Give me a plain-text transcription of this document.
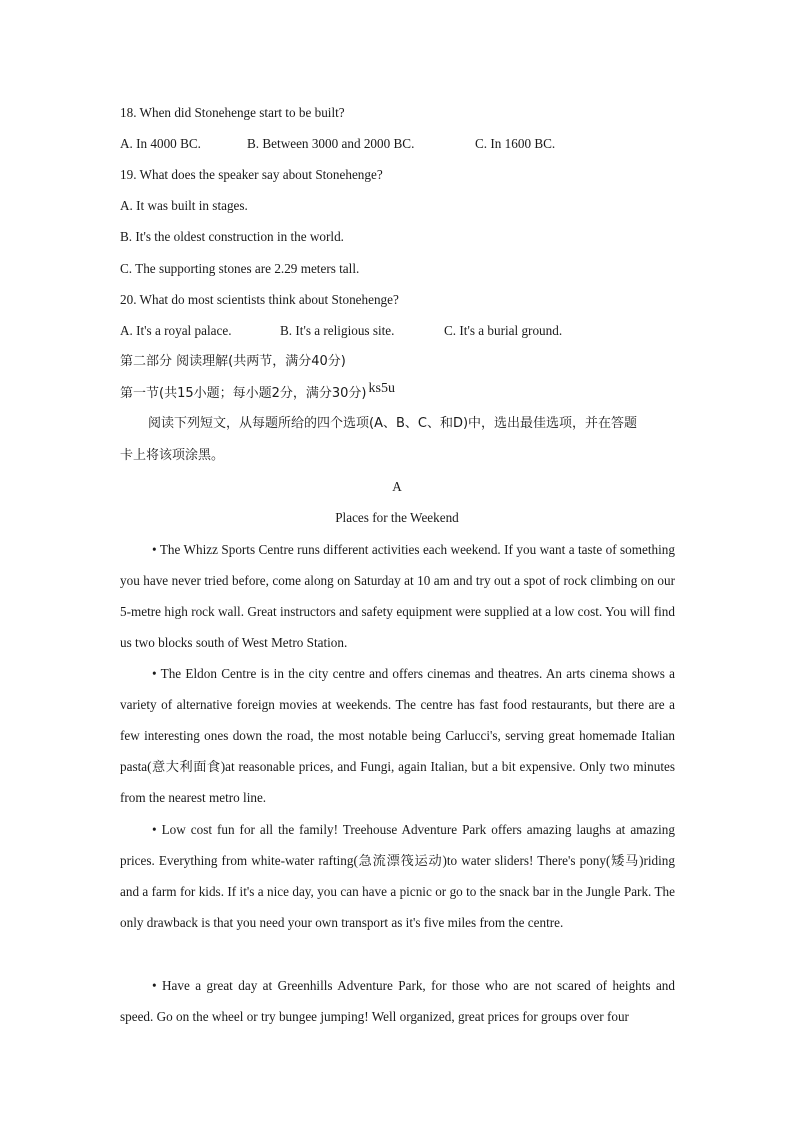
18. When did Stonehenge start to be built?
A. In 4000 BC.	B. Between 3000 and 2000 BC.	C. In 1600 BC.
19. What does the speaker say about Stonehenge?
A. It was built in stages.
B. It's the oldest construction in the world.
C. The supporting stones are 2.29 meters tall.
20. What do most scientists think about Stonehenge?
A. It's a royal palace.	B. It's a religious site.	C. It's a burial ground.
第二部分 阅读理解(共两节，满分40分)
第一节(共15小题；每小题2分，满分30分) ks5u
阅读下列短文，从每题所给的四个选项(A、B、C、和D)中，选出最佳选项，并在答题
卡上将该项涂黑。
A
Places for the Weekend
• The Whizz Sports Centre runs different activities each weekend. If you want a taste of something you have never tried before, come along on Saturday at 10 am and try out a spot of rock climbing on our 5-metre high rock wall. Great instructors and safety equipment were supplied at a low cost. You will find us two blocks south of West Metro Station.
• The Eldon Centre is in the city centre and offers cinemas and theatres. An arts cinema shows a variety of alternative foreign movies at weekends. The centre has fast food restaurants, but there are a few interesting ones down the road, the most notable being Carlucci's, serving great homemade Italian pasta(意大利面食)at reasonable prices, and Fungi, again Italian, but a bit expensive. Only two minutes from the nearest metro line.
• Low cost fun for all the family! Treehouse Adventure Park offers amazing laughs at amazing prices. Everything from white-water rafting(急流漂筏运动)to water sliders! There's pony(矮马)riding and a farm for kids. If it's a nice day, you can have a picnic or go to the snack bar in the Jungle Park. The only drawback is that you need your own transport as it's five miles from the centre.
• Have a great day at Greenhills Adventure Park, for those who are not scared of heights and speed. Go on the wheel or try bungee jumping! Well organized, great prices for groups over four
